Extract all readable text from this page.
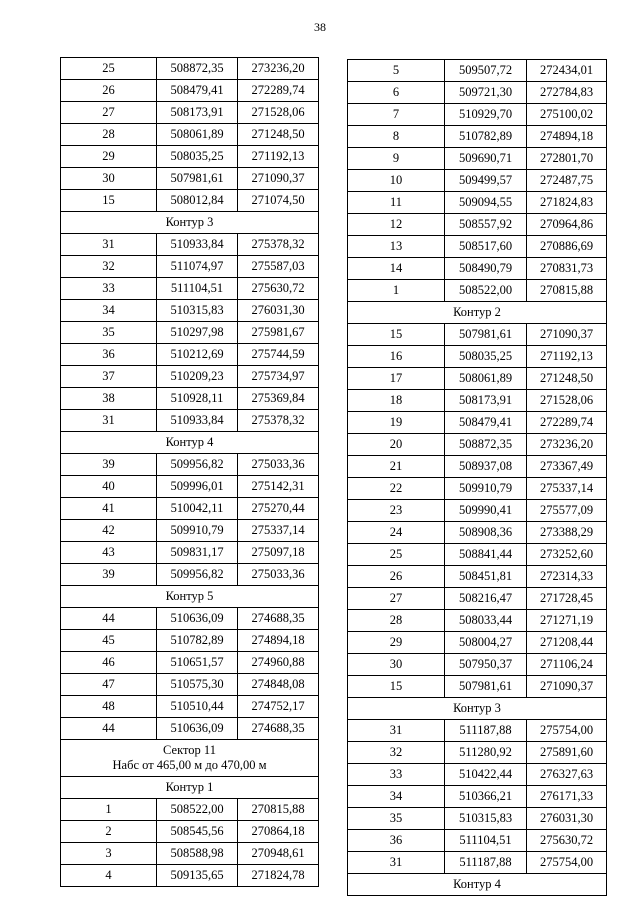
38
25	508872,35	273236,20
26	508479,41	272289,74
27	508173,91	271528,06
28	508061,89	271248,50
29	508035,25	271192,13
30	507981,61	271090,37
15	508012,84	271074,50
Контур 3		
31	510933,84	275378,32
32	511074,97	275587,03
33	511104,51	275630,72
34	510315,83	276031,30
35	510297,98	275981,67
36	510212,69	275744,59
37	510209,23	275734,97
38	510928,11	275369,84
31	510933,84	275378,32
Контур 4		
39	509956,82	275033,36
40	509996,01	275142,31
41	510042,11	275270,44
42	509910,79	275337,14
43	509831,17	275097,18
39	509956,82	275033,36
Контур 5		
44	510636,09	274688,35
45	510782,89	274894,18
46	510651,57	274960,88
47	510575,30	274848,08
48	510510,44	274752,17
44	510636,09	274688,35

Сектор 11
Набс от 465,00 м до 470,00 м		

Контур 1		
1	508522,00	270815,88
2	508545,56	270864,18
3	508588,98	270948,61
4	509135,65	271824,78
5	509507,72	272434,01
6	509721,30	272784,83
7	510929,70	275100,02
8	510782,89	274894,18
9	509690,71	272801,70
10	509499,57	272487,75
11	509094,55	271824,83
12	508557,92	270964,86
13	508517,60	270886,69
14	508490,79	270831,73
1	508522,00	270815,88
Контур 2		
15	507981,61	271090,37
16	508035,25	271192,13
17	508061,89	271248,50
18	508173,91	271528,06
19	508479,41	272289,74
20	508872,35	273236,20
21	508937,08	273367,49
22	509910,79	275337,14
23	509990,41	275577,09
24	508908,36	273388,29
25	508841,44	273252,60
26	508451,81	272314,33
27	508216,47	271728,45
28	508033,44	271271,19
29	508004,27	271208,44
30	507950,37	271106,24
15	507981,61	271090,37
Контур 3		
31	511187,88	275754,00
32	511280,92	275891,60
33	510422,44	276327,63
34	510366,21	276171,33
35	510315,83	276031,30
36	511104,51	275630,72
31	511187,88	275754,00
Контур 4		
